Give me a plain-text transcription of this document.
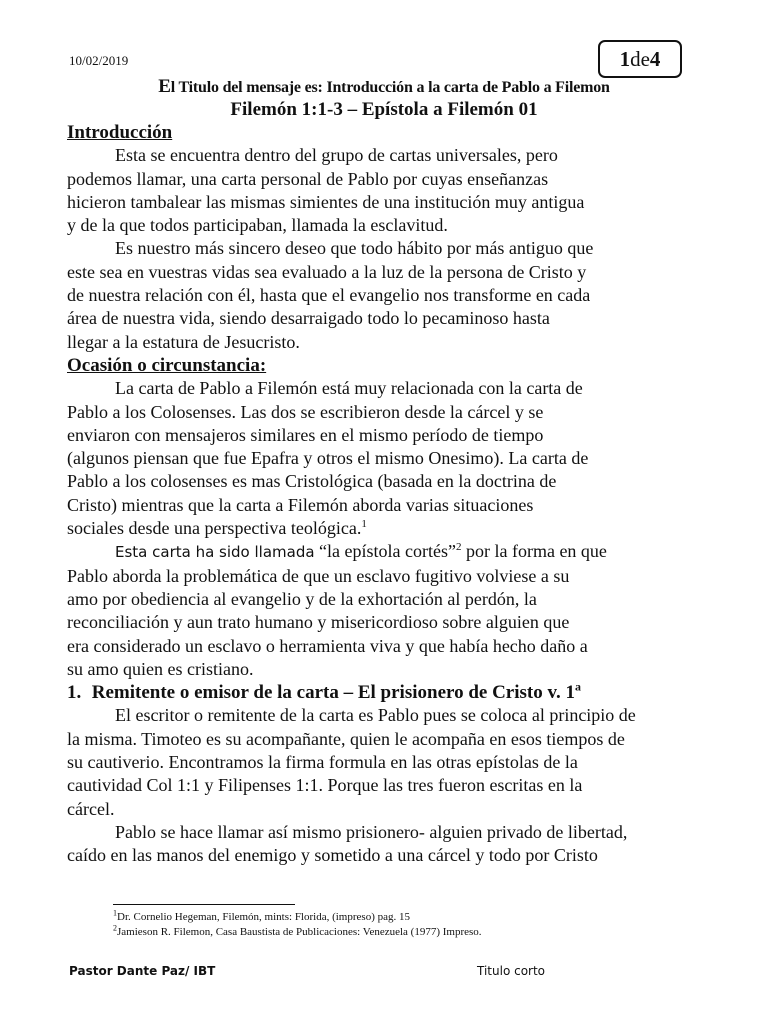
10/02/2019	1 de 4
El Titulo del mensaje es: Introducción a la carta de Pablo a Filemon
Filemón 1:1-3 – Epístola a Filemón 01
Introducción
Esta se encuentra dentro del grupo de cartas universales, pero
podemos llamar, una carta personal de Pablo por cuyas enseñanzas
hicieron tambalear las mismas simientes de una institución muy antigua
y de la que todos participaban, llamada la esclavitud.
Es nuestro más sincero deseo que todo hábito por más antiguo que
este sea en vuestras vidas sea evaluado a la luz de la persona de Cristo y
de nuestra relación con él, hasta que el evangelio nos transforme en cada
área de nuestra vida, siendo desarraigado todo lo pecaminoso hasta
llegar a la estatura de Jesucristo.
Ocasión o circunstancia:
La carta de Pablo a Filemón está muy relacionada con la carta de
Pablo a los Colosenses. Las dos se escribieron desde la cárcel y se
enviaron con mensajeros similares en el mismo período de tiempo
(algunos piensan que fue Epafra y otros el mismo Onesimo). La carta de
Pablo a los colosenses es mas Cristológica (basada en la doctrina de
Cristo) mientras que la carta a Filemón aborda varias situaciones
sociales desde una perspectiva teológica.$^1$
Esta carta ha sido llamada “la epístola cortés”$^2$ por la forma en que
Pablo aborda la problemática de que un esclavo fugitivo volviese a su
amo por obediencia al evangelio y de la exhortación al perdón, la
reconciliación y aun trato humano y misericordioso sobre alguien que
era considerado un esclavo o herramienta viva y que había hecho daño a
su amo quien es cristiano.
1. Remitente o emisor de la carta – El prisionero de Cristo v. 1$^a$
El escritor o remitente de la carta es Pablo pues se coloca al principio de
la misma. Timoteo es su acompañante, quien le acompaña en esos tiempos de
su cautiverio. Encontramos la firma formula en las otras epístolas de la
cautividad Col 1:1 y Filipenses 1:1. Porque las tres fueron escritas en la
cárcel.
Pablo se hace llamar así mismo prisionero- alguien privado de libertad,
caído en las manos del enemigo y sometido a una cárcel y todo por Cristo
$^1$Dr. Cornelio Hegeman, Filemón, mints: Florida, (impreso) pag. 15
$^2$Jamieson R. Filemon, Casa Baustista de Publicaciones: Venezuela (1977) Impreso.
Pastor Dante Paz/ IBT	Titulo corto
